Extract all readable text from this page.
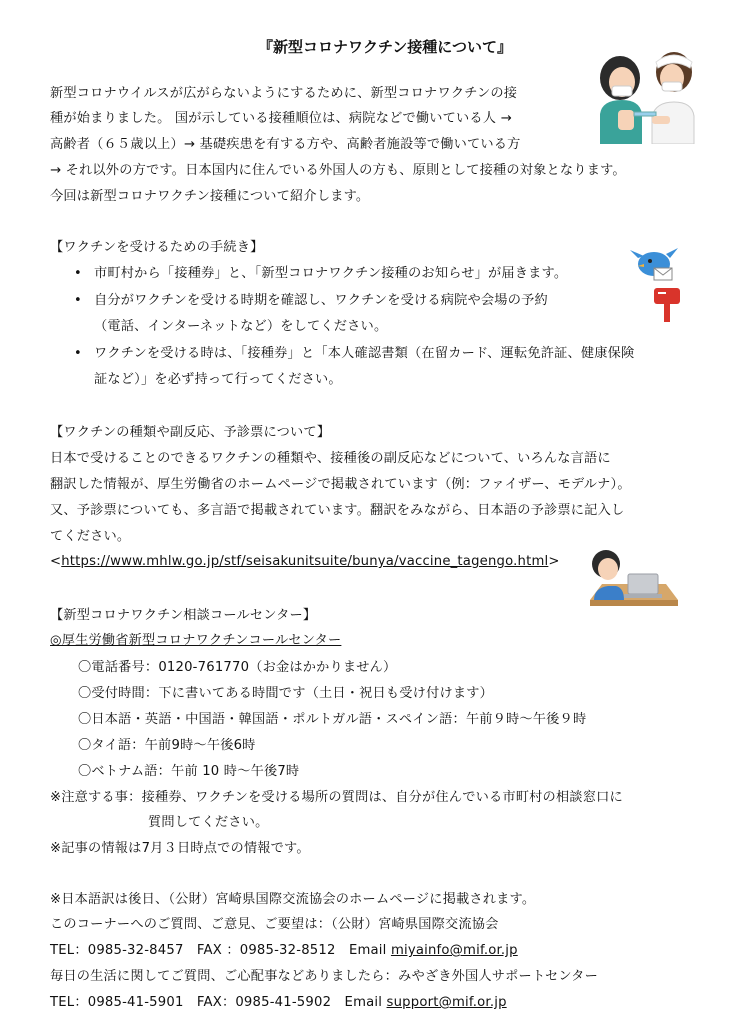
『新型コロナワクチン接種について』
新型コロナウイルスが広がらないようにするために、新型コロナワクチンの接
種が始まりました。 国が示している接種順位は、病院などで働いている人 →
高齢者（６５歳以上）→ 基礎疾患を有する方や、高齢者施設等で働いている方
→ それ以外の方です。日本国内に住んでいる外国人の方も、原則として接種の対象となります。
今回は新型コロナワクチン接種について紹介します。
【ワクチンを受けるための手続き】
• 市町村から「接種券」と、「新型コロナワクチン接種のお知らせ」が届きます。
• 自分がワクチンを受ける時期を確認し、ワクチンを受ける病院や会場の予約
（電話、インターネットなど）をしてください。
• ワクチンを受ける時は、「接種券」と「本人確認書類（在留カード、運転免許証、健康保険
証など）」を必ず持って行ってください。
【ワクチンの種類や副反応、予診票について】
日本で受けることのできるワクチンの種類や、接種後の副反応などについて、いろんな言語に
翻訳した情報が、厚生労働省のホームページで掲載されています（例：ファイザー、モデルナ）。
又、予診票についても、多言語で掲載されています。翻訳をみながら、日本語の予診票に記入し
てください。
<https://www.mhlw.go.jp/stf/seisakunitsuite/bunya/vaccine_tagengo.html>
【新型コロナワクチン相談コールセンター】
◎厚生労働省新型コロナワクチンコールセンター
〇電話番号：0120-761770（お金はかかりません）
〇受付時間：下に書いてある時間です（土日・祝日も受け付けます）
〇日本語・英語・中国語・韓国語・ポルトガル語・スペイン語：午前９時～午後９時
〇タイ語：午前9時～午後6時
〇ベトナム語：午前 10 時～午後7時
※注意する事：接種券、ワクチンを受ける場所の質問は、自分が住んでいる市町村の相談窓口に
質問してください。
※記事の情報は7月３日時点での情報です。
※日本語訳は後日、（公財）宮崎県国際交流協会のホームページに掲載されます。
このコーナーへのご質問、ご意見、ご要望は：（公財）宮崎県国際交流協会
TEL：0985-32-8457　FAX ：0985-32-8512　Email miyainfo@mif.or.jp
毎日の生活に関してご質問、ご心配事などありましたら：みやざき外国人サポートセンター
TEL：0985-41-5901　FAX：0985-41-5902　Email support@mif.or.jp
